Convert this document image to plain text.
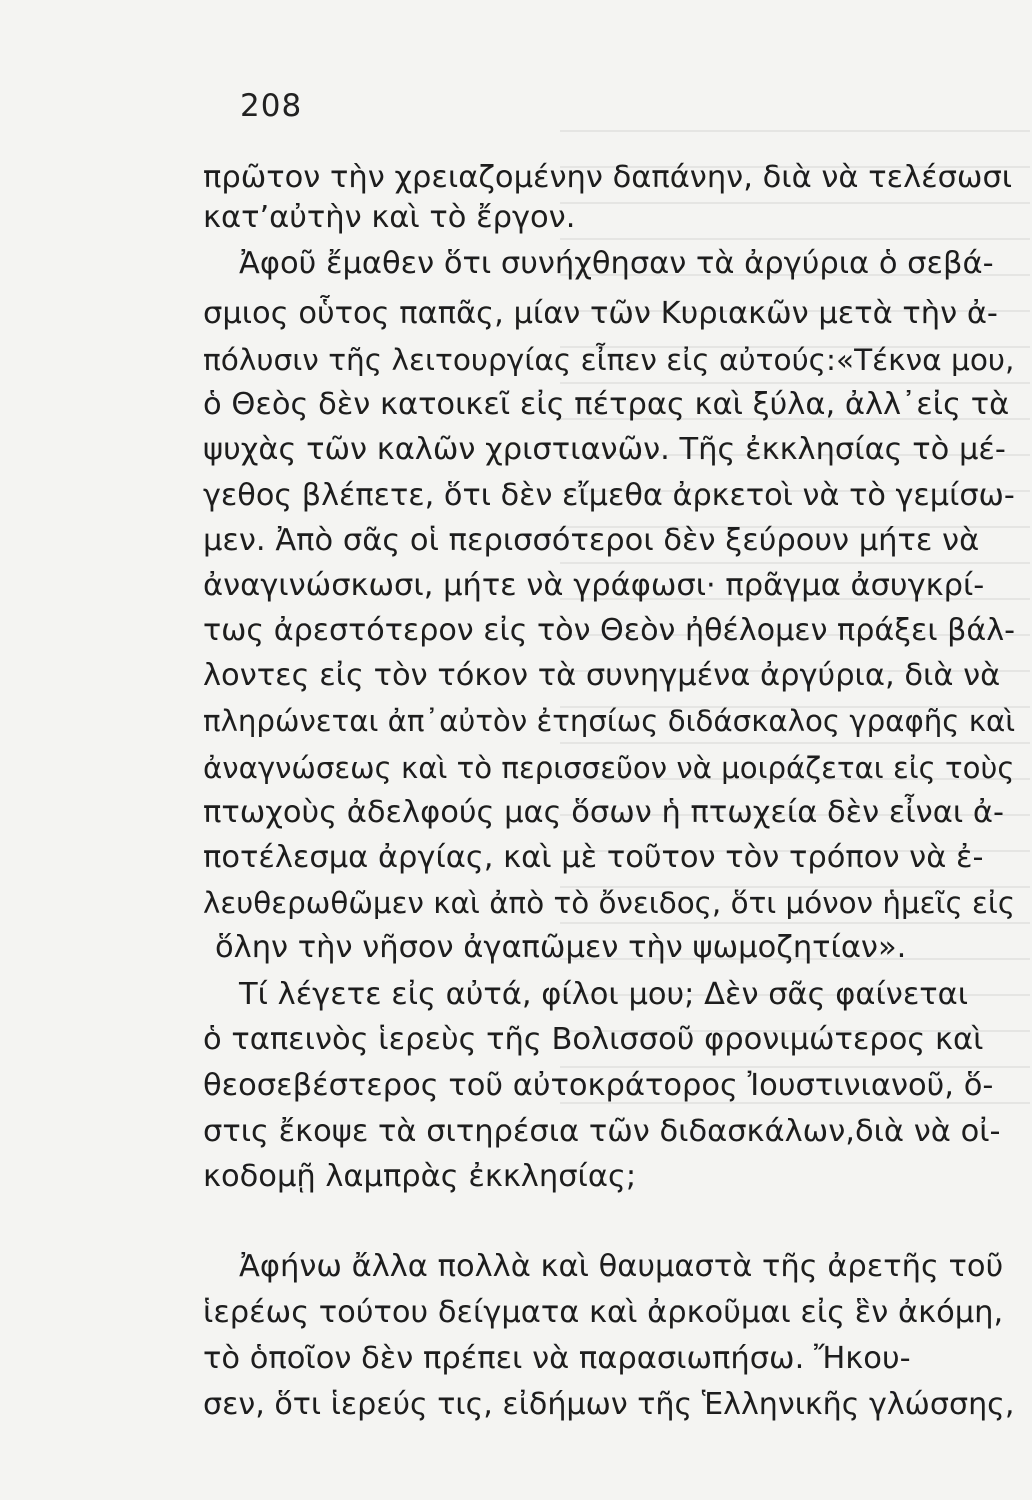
208
πρῶτον τὴν χρειαζομένην δαπάνην, διὰ νὰ τελέσωσι
κατ’αὐτὴν καὶ τὸ ἔργον.
Ἀφοῦ ἔμαθεν ὅτι συνήχθησαν τὰ ἀργύρια ὁ σεβά-
σμιος οὗτος παπᾶς, μίαν τῶν Κυριακῶν μετὰ τὴν ἀ-
πόλυσιν τῆς λειτουργίας εἶπεν εἰς αὐτούς:«Τέκνα μου,
ὁ Θεὸς δὲν κατοικεῖ εἰς πέτρας καὶ ξύλα, ἀλλ᾽εἰς τὰ
ψυχὰς τῶν καλῶν χριστιανῶν. Τῆς ἐκκλησίας τὸ μέ-
γεθος βλέπετε, ὅτι δὲν εἴμεθα ἀρκετοὶ νὰ τὸ γεμίσω-
μεν. Ἀπὸ σᾶς οἱ περισσότεροι δὲν ξεύρουν μήτε νὰ
ἀναγινώσκωσι, μήτε νὰ γράφωσι· πρᾶγμα ἀσυγκρί-
τως ἀρεστότερον εἰς τὸν Θεὸν ἠθέλομεν πράξει βάλ-
λοντες εἰς τὸν τόκον τὰ συνηγμένα ἀργύρια, διὰ νὰ
πληρώνεται ἀπ᾽αὐτὸν ἐτησίως διδάσκαλος γραφῆς καὶ
ἀναγνώσεως καὶ τὸ περισσεῦον νὰ μοιράζεται εἰς τοὺς
πτωχοὺς ἀδελφούς μας ὅσων ἡ πτωχεία δὲν εἶναι ἀ-
ποτέλεσμα ἀργίας, καὶ μὲ τοῦτον τὸν τρόπον νὰ ἐ-
λευθερωθῶμεν καὶ ἀπὸ τὸ ὄνειδος, ὅτι μόνον ἡμεῖς εἰς
ὅλην τὴν νῆσον ἀγαπῶμεν τὴν ψωμοζητίαν».
Τί λέγετε εἰς αὐτά, φίλοι μου; Δὲν σᾶς φαίνεται
ὁ ταπεινὸς ἱερεὺς τῆς Βολισσοῦ φρονιμώτερος καὶ
θεοσεβέστερος τοῦ αὐτοκράτορος Ἰουστινιανοῦ, ὅ-
στις ἔκοψε τὰ σιτηρέσια τῶν διδασκάλων,διὰ νὰ οἰ-
κοδομῇ λαμπρὰς ἐκκλησίας;
Ἀφήνω ἄλλα πολλὰ καὶ θαυμαστὰ τῆς ἀρετῆς τοῦ
ἱερέως τούτου δείγματα καὶ ἀρκοῦμαι εἰς ἓν ἀκόμη,
τὸ ὁποῖον δὲν πρέπει νὰ παρασιωπήσω. Ἤκου-
σεν, ὅτι ἱερεύς τις, εἰδήμων τῆς Ἑλληνικῆς γλώσσης,
